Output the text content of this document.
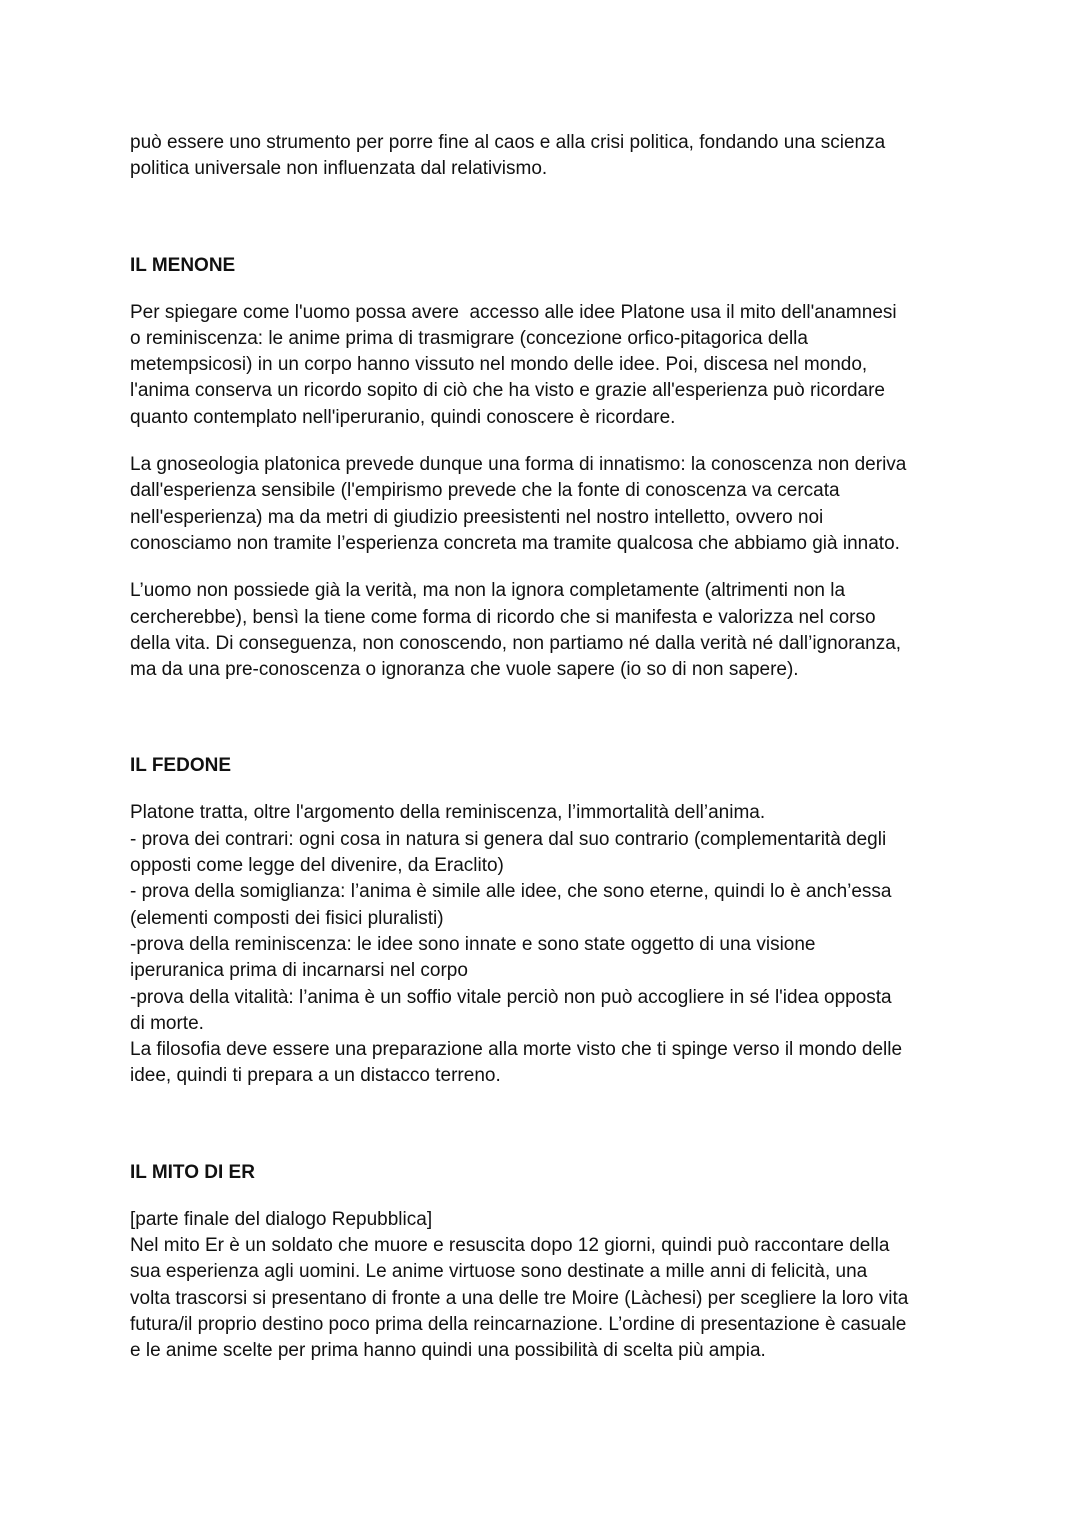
può essere uno strumento per porre fine al caos e alla crisi politica, fondando una scienza
politica universale non influenzata dal relativismo.

IL MENONE

Per spiegare come l'uomo possa avere  accesso alle idee Platone usa il mito dell'anamnesi
o reminiscenza: le anime prima di trasmigrare (concezione orfico-pitagorica della
metempsicosi) in un corpo hanno vissuto nel mondo delle idee. Poi, discesa nel mondo,
l'anima conserva un ricordo sopito di ciò che ha visto e grazie all'esperienza può ricordare
quanto contemplato nell'iperuranio, quindi conoscere è ricordare.

La gnoseologia platonica prevede dunque una forma di innatismo: la conoscenza non deriva
dall'esperienza sensibile (l'empirismo prevede che la fonte di conoscenza va cercata
nell'esperienza) ma da metri di giudizio preesistenti nel nostro intelletto, ovvero noi
conosciamo non tramite l’esperienza concreta ma tramite qualcosa che abbiamo già innato.

L’uomo non possiede già la verità, ma non la ignora completamente (altrimenti non la
cercherebbe), bensì la tiene come forma di ricordo che si manifesta e valorizza nel corso
della vita. Di conseguenza, non conoscendo, non partiamo né dalla verità né dall’ignoranza,
ma da una pre-conoscenza o ignoranza che vuole sapere (io so di non sapere).

IL FEDONE

Platone tratta, oltre l'argomento della reminiscenza, l’immortalità dell’anima.
- prova dei contrari: ogni cosa in natura si genera dal suo contrario (complementarità degli
opposti come legge del divenire, da Eraclito)
- prova della somiglianza: l’anima è simile alle idee, che sono eterne, quindi lo è anch’essa
(elementi composti dei fisici pluralisti)
-prova della reminiscenza: le idee sono innate e sono state oggetto di una visione
iperuranica prima di incarnarsi nel corpo
-prova della vitalità: l’anima è un soffio vitale perciò non può accogliere in sé l'idea opposta
di morte.
La filosofia deve essere una preparazione alla morte visto che ti spinge verso il mondo delle
idee, quindi ti prepara a un distacco terreno.

IL MITO DI ER

[parte finale del dialogo Repubblica]
Nel mito Er è un soldato che muore e resuscita dopo 12 giorni, quindi può raccontare della
sua esperienza agli uomini. Le anime virtuose sono destinate a mille anni di felicità, una
volta trascorsi si presentano di fronte a una delle tre Moire (Làchesi) per scegliere la loro vita
futura/il proprio destino poco prima della reincarnazione. L’ordine di presentazione è casuale
e le anime scelte per prima hanno quindi una possibilità di scelta più ampia.
